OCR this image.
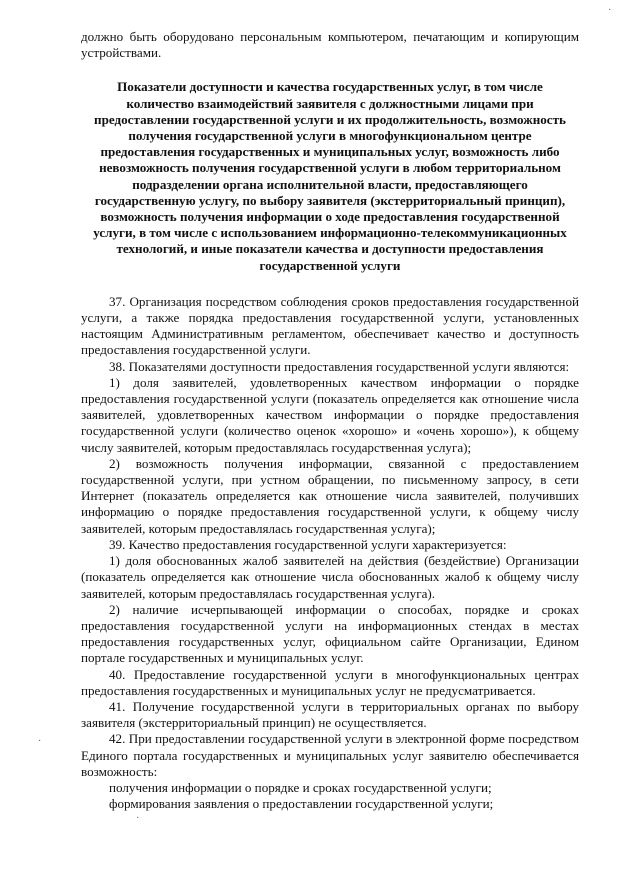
должно быть оборудовано персональным компьютером, печатающим и копирующим устройствами.

Показатели доступности и качества государственных услуг, в том числе количество взаимодействий заявителя с должностными лицами при предоставлении государственной услуги и их продолжительность, возможность получения государственной услуги в многофункциональном центре предоставления государственных и муниципальных услуг, возможность либо невозможность получения государственной услуги в любом территориальном подразделении органа исполнительной власти, предоставляющего государственную услугу, по выбору заявителя (экстерриториальный принцип), возможность получения информации о ходе предоставления государственной услуги, в том числе с использованием информационно-телекоммуникационных технологий, и иные показатели качества и доступности предоставления государственной услуги

37. Организация посредством соблюдения сроков предоставления государственной услуги, а также порядка предоставления государственной услуги, установленных настоящим Административным регламентом, обеспечивает качество и доступность предоставления государственной услуги.

38. Показателями доступности предоставления государственной услуги являются:

1) доля заявителей, удовлетворенных качеством информации о порядке предоставления государственной услуги (показатель определяется как отношение числа заявителей, удовлетворенных качеством информации о порядке предоставления государственной услуги (количество оценок «хорошо» и «очень хорошо»), к общему числу заявителей, которым предоставлялась государственная услуга);

2) возможность получения информации, связанной с предоставлением государственной услуги, при устном обращении, по письменному запросу, в сети Интернет (показатель определяется как отношение числа заявителей, получивших информацию о порядке предоставления государственной услуги, к общему числу заявителей, которым предоставлялась государственная услуга);

39. Качество предоставления государственной услуги характеризуется:

1) доля обоснованных жалоб заявителей на действия (бездействие) Организации (показатель определяется как отношение числа обоснованных жалоб к общему числу заявителей, которым предоставлялась государственная услуга).

2) наличие исчерпывающей информации о способах, порядке и сроках предоставления государственной услуги на информационных стендах в местах предоставления государственных услуг, официальном сайте Организации, Едином портале государственных и муниципальных услуг.

40. Предоставление государственной услуги в многофункциональных центрах предоставления государственных и муниципальных услуг не предусматривается.

41. Получение государственной услуги в территориальных органах по выбору заявителя (экстерриториальный принцип) не осуществляется.

42. При предоставлении государственной услуги в электронной форме посредством Единого портала государственных и муниципальных услуг заявителю обеспечивается возможность:

получения информации о порядке и сроках государственной услуги;

формирования заявления о предоставлении государственной услуги;

·
·
·
